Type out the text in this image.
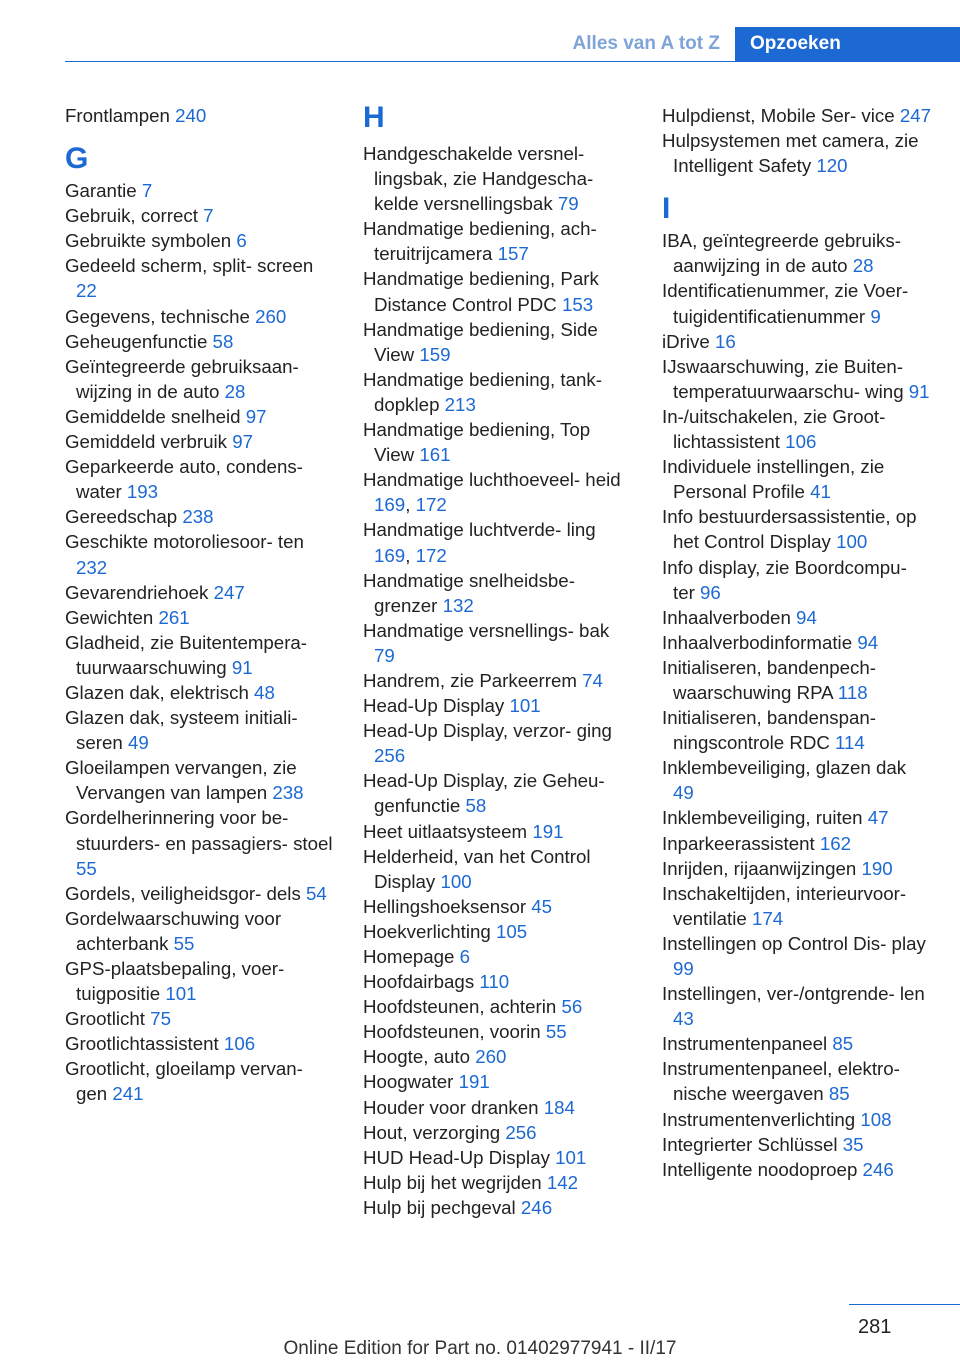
Alles van A tot Z	Opzoeken
Frontlampen 240
G
Garantie 7
Gebruik, correct 7
Gebruikte symbolen 6
Gedeeld scherm, split‐ screen 22
Gegevens, technische 260
Geheugenfunctie 58
Geïntegreerde gebruiksaan‐ wijzing in de auto 28
Gemiddelde snelheid 97
Gemiddeld verbruik 97
Geparkeerde auto, condens‐ water 193
Gereedschap 238
Geschikte motoroliesoor‐ ten 232
Gevarendriehoek 247
Gewichten 261
Gladheid, zie Buitentempera‐ tuurwaarschuwing 91
Glazen dak, elektrisch 48
Glazen dak, systeem initiali‐ seren 49
Gloeilampen vervangen, zie Vervangen van lampen 238
Gordelherinnering voor be‐ stuurders- en passagiers‐ stoel 55
Gordels, veiligheidsgor‐ dels 54
Gordelwaarschuwing voor achterbank 55
GPS-plaatsbepaling, voer‐ tuigpositie 101
Grootlicht 75
Grootlichtassistent 106
Grootlicht, gloeilamp vervan‐ gen 241
H
Handgeschakelde versnel‐ lingsbak, zie Handgescha‐ kelde versnellingsbak 79
Handmatige bediening, ach‐ teruitrijcamera 157
Handmatige bediening, Park Distance Control PDC 153
Handmatige bediening, Side View 159
Handmatige bediening, tank‐ dopklep 213
Handmatige bediening, Top View 161
Handmatige luchthoeveel‐ heid 169, 172
Handmatige luchtverde‐ ling 169, 172
Handmatige snelheidsbe‐ grenzer 132
Handmatige versnellings‐ bak 79
Handrem, zie Parkeerrem 74
Head-Up Display 101
Head-Up Display, verzor‐ ging 256
Head-Up Display, zie Geheu‐ genfunctie 58
Heet uitlaatsysteem 191
Helderheid, van het Control Display 100
Hellingshoeksensor 45
Hoekverlichting 105
Homepage 6
Hoofdairbags 110
Hoofdsteunen, achterin 56
Hoofdsteunen, voorin 55
Hoogte, auto 260
Hoogwater 191
Houder voor dranken 184
Hout, verzorging 256
HUD Head-Up Display 101
Hulp bij het wegrijden 142
Hulp bij pechgeval 246
Hulpdienst, Mobile Ser‐ vice 247
Hulpsystemen met camera, zie Intelligent Safety 120
I
IBA, geïntegreerde gebruiks‐ aanwijzing in de auto 28
Identificatienummer, zie Voer‐ tuigidentificatienummer 9
iDrive 16
IJswaarschuwing, zie Buiten‐ temperatuurwaarschu‐ wing 91
In-/uitschakelen, zie Groot‐ lichtassistent 106
Individuele instellingen, zie Personal Profile 41
Info bestuurdersassistentie, op het Control Display 100
Info display, zie Boordcompu‐ ter 96
Inhaalverboden 94
Inhaalverbodinformatie 94
Initialiseren, bandenpech‐ waarschuwing RPA 118
Initialiseren, bandenspan‐ ningscontrole RDC 114
Inklembeveiliging, glazen dak 49
Inklembeveiliging, ruiten 47
Inparkeerassistent 162
Inrijden, rijaanwijzingen 190
Inschakeltijden, interieurvoor‐ ventilatie 174
Instellingen op Control Dis‐ play 99
Instellingen, ver-/ontgrende‐ len 43
Instrumentenpaneel 85
Instrumentenpaneel, elektro‐ nische weergaven 85
Instrumentenverlichting 108
Integrierter Schlüssel 35
Intelligente noodoproep 246
281
Online Edition for Part no. 01402977941 - II/17
